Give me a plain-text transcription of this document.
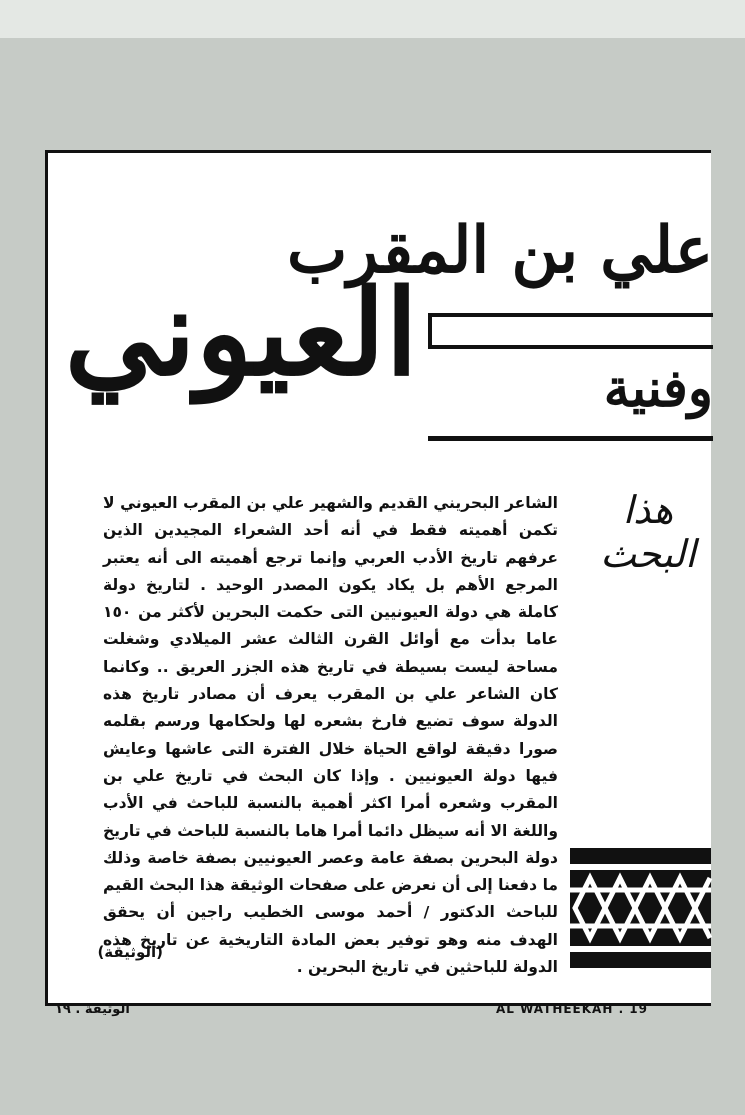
علي بن المقرب
وفنية
العيوني
هذا
البحث
الشاعر البحريني القديم والشهير علي بن المقرب العيوني لا تكمن أهميته فقط في أنه أحد الشعراء المجيدين الذين عرفهم تاريخ الأدب العربي وإنما ترجع أهميته الى أنه يعتبر المرجع الأهم بل يكاد يكون المصدر الوحيد . لتاريخ دولة كاملة هي دولة العيونيين التى حكمت البحرين لأكثر من ١٥٠ عاما بدأت مع أوائل القرن الثالث عشر الميلادي وشغلت مساحة ليست بسيطة في تاريخ هذه الجزر العريق .. وكانما كان الشاعر علي بن المقرب يعرف أن مصادر تاريخ هذه الدولة سوف تضيع فارخ بشعره لها ولحكامها ورسم بقلمه صورا دقيقة لواقع الحياة خلال الفترة التى عاشها وعايش فيها دولة العيونيين . وإذا كان البحث في تاريخ علي بن المقرب وشعره أمرا اكثر أهمية بالنسبة للباحث في الأدب واللغة الا أنه سيظل دائما أمرا هاما بالنسبة للباحث في تاريخ دولة البحرين بصفة عامة وعصر العيونيين بصفة خاصة وذلك ما دفعنا إلى أن نعرض على صفحات الوثيقة هذا البحث القيم للباحث الدكتور / أحمد موسى الخطيب راجين أن يحقق الهدف منه وهو توفير بعض المادة التاريخية عن تاريخ هذه الدولة للباحثين في تاريخ البحرين .
(الوثيقة)
الوثيقة . ١٩	AL WATHEEKAH . 19
